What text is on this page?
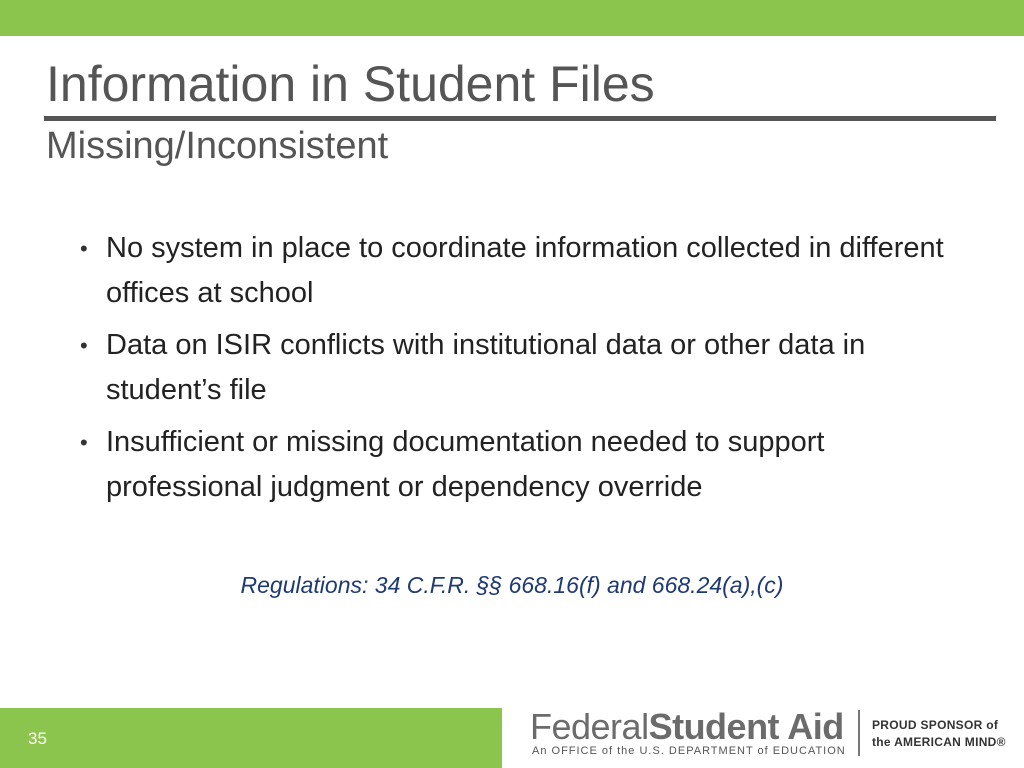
Information in Student Files
Missing/Inconsistent
• No system in place to coordinate information collected in different offices at school
• Data on ISIR conflicts with institutional data or other data in student’s file
• Insufficient or missing documentation needed to support professional judgment or dependency override
Regulations: 34 C.F.R. §§ 668.16(f) and 668.24(a),(c)
35	FederalStudent Aid
An OFFICE of the U.S. DEPARTMENT of EDUCATION
PROUD SPONSOR of
the AMERICAN MIND®
